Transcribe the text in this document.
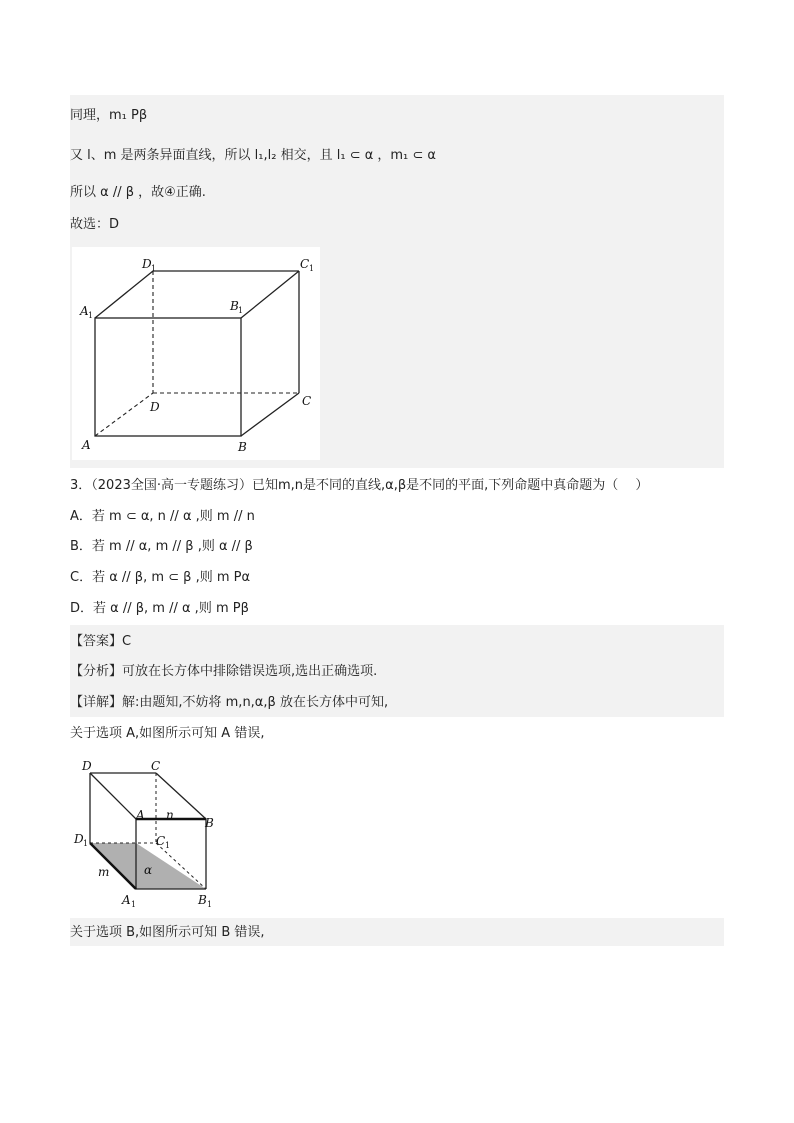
同理，m₁ Pβ
又 l、m 是两条异面直线，所以 l₁,l₂ 相交，且 l₁ ⊂ α ，m₁ ⊂ α
所以 α // β ，故④正确.
故选：D
D 1	C 1
A 1
B 1
D	C
A	B
3．（2023全国·高一专题练习）已知m,n是不同的直线,α,β是不同的平面,下列命题中真命题为（　 ）
A．若 m ⊂ α, n // α ,则 m // n
B．若 m // α, m // β ,则 α // β
C．若 α // β, m ⊂ β ,则 m Pα
D．若 α // β, m // α ,则 m Pβ
【答案】C
【分析】可放在长方体中排除错误选项,选出正确选项.
【详解】解:由题知,不妨将 m,n,α,β 放在长方体中可知,
关于选项 A,如图所示可知 A 错误,
D	C
A n
B
D 1	C 1
α
m
A 1	B 1
关于选项 B,如图所示可知 B 错误,
